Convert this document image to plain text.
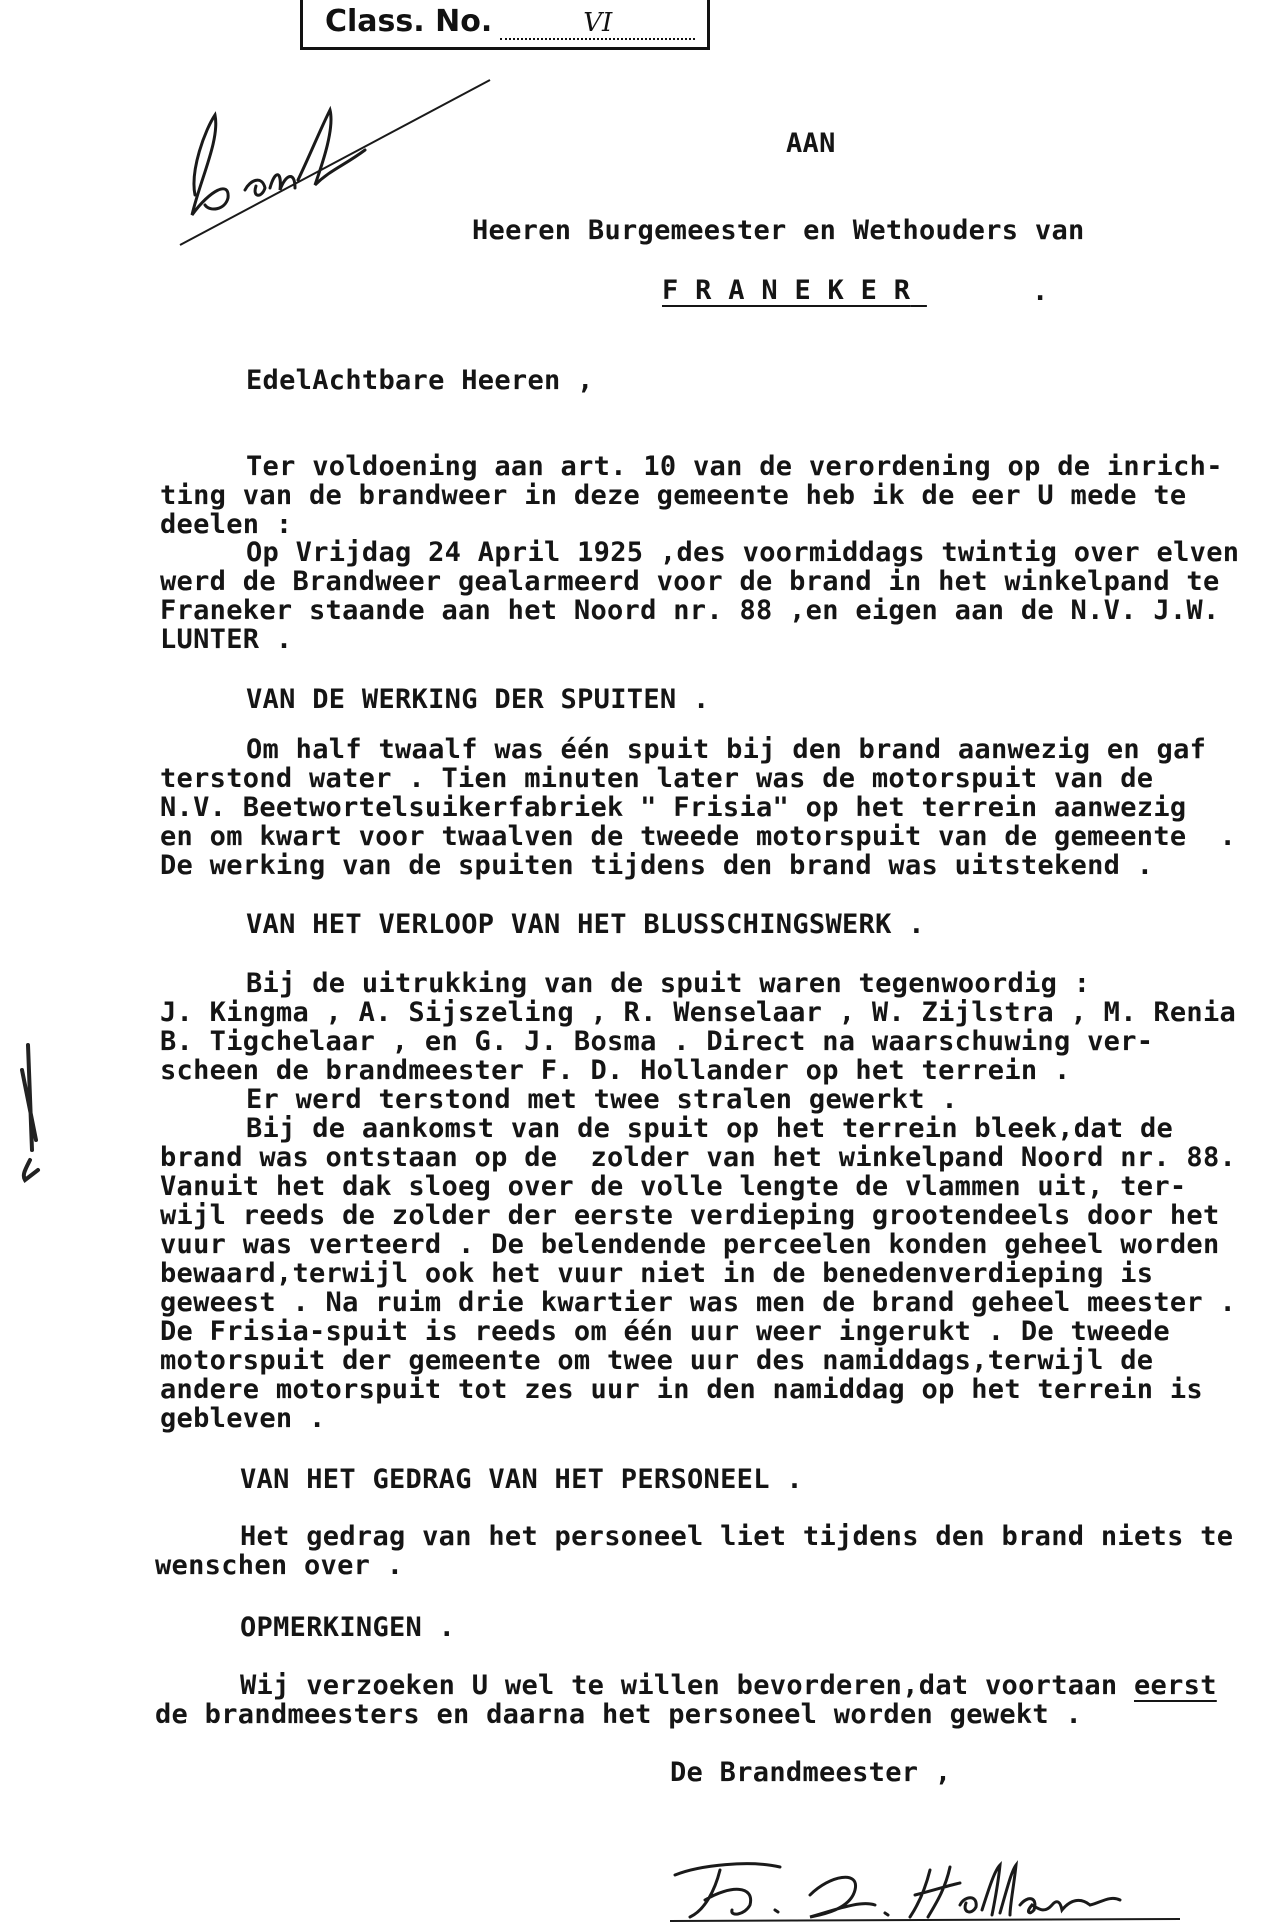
Class. No.	VI
AAN
Heeren Burgemeester en Wethouders van
F R A N E K E R	.
EdelAchtbare Heeren ,
Ter voldoening aan art. 10 van de verordening op de inrich-
ting van de brandweer in deze gemeente heb ik de eer U mede te
deelen :
Op Vrijdag 24 April 1925 ,des voormiddags twintig over elven
werd de Brandweer gealarmeerd voor de brand in het winkelpand te
Franeker staande aan het Noord nr. 88 ,en eigen aan de N.V. J.W.
LUNTER .
VAN DE WERKING DER SPUITEN .
Om half twaalf was één spuit bij den brand aanwezig en gaf
terstond water . Tien minuten later was de motorspuit van de
N.V. Beetwortelsuikerfabriek " Frisia" op het terrein aanwezig
en om kwart voor twaalven de tweede motorspuit van de gemeente  .
De werking van de spuiten tijdens den brand was uitstekend .
VAN HET VERLOOP VAN HET BLUSSCHINGSWERK .
Bij de uitrukking van de spuit waren tegenwoordig :
J. Kingma , A. Sijszeling , R. Wenselaar , W. Zijlstra , M. Renia
B. Tigchelaar , en G. J. Bosma . Direct na waarschuwing ver-
scheen de brandmeester F. D. Hollander op het terrein .
Er werd terstond met twee stralen gewerkt .
Bij de aankomst van de spuit op het terrein bleek,dat de
brand was ontstaan op de  zolder van het winkelpand Noord nr. 88.
Vanuit het dak sloeg over de volle lengte de vlammen uit, ter-
wijl reeds de zolder der eerste verdieping grootendeels door het
vuur was verteerd . De belendende perceelen konden geheel worden
bewaard,terwijl ook het vuur niet in de benedenverdieping is
geweest . Na ruim drie kwartier was men de brand geheel meester .
De Frisia-spuit is reeds om één uur weer ingerukt . De tweede
motorspuit der gemeente om twee uur des namiddags,terwijl de
andere motorspuit tot zes uur in den namiddag op het terrein is
gebleven .
VAN HET GEDRAG VAN HET PERSONEEL .
Het gedrag van het personeel liet tijdens den brand niets te
wenschen over .
OPMERKINGEN .
Wij verzoeken U wel te willen bevorderen,dat voortaan eerst
de brandmeesters en daarna het personeel worden gewekt .
De Brandmeester ,
